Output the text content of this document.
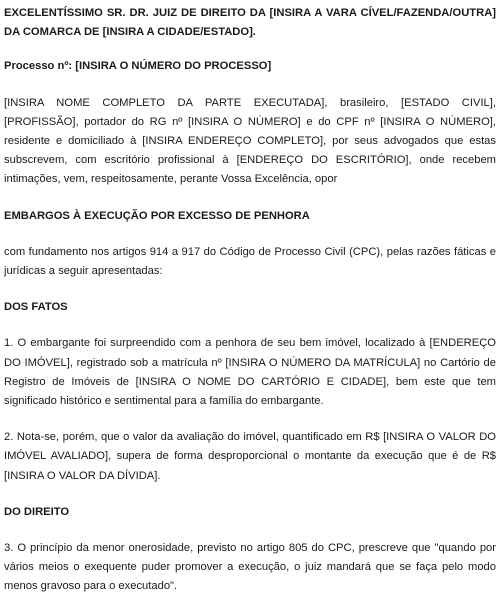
EXCELENTÍSSIMO SR. DR. JUIZ DE DIREITO DA [INSIRA A VARA CÍVEL/FAZENDA/OUTRA] DA COMARCA DE [INSIRA A CIDADE/ESTADO].

Processo nº: [INSIRA O NÚMERO DO PROCESSO]

[INSIRA NOME COMPLETO DA PARTE EXECUTADA], brasileiro, [ESTADO CIVIL], [PROFISSÃO], portador do RG nº [INSIRA O NÚMERO] e do CPF nº [INSIRA O NÚMERO], residente e domiciliado à [INSIRA ENDEREÇO COMPLETO], por seus advogados que estas subscrevem, com escritório profissional à [ENDEREÇO DO ESCRITÓRIO], onde recebem intimações, vem, respeitosamente, perante Vossa Excelência, opor

EMBARGOS À EXECUÇÃO POR EXCESSO DE PENHORA

com fundamento nos artigos 914 a 917 do Código de Processo Civil (CPC), pelas razões fáticas e jurídicas a seguir apresentadas:

DOS FATOS

1. O embargante foi surpreendido com a penhora de seu bem imóvel, localizado à [ENDEREÇO DO IMÓVEL], registrado sob a matrícula nº [INSIRA O NÚMERO DA MATRÍCULA] no Cartório de Registro de Imóveis de [INSIRA O NOME DO CARTÓRIO E CIDADE], bem este que tem significado histórico e sentimental para a família do embargante.

2. Nota-se, porém, que o valor da avaliação do imóvel, quantificado em R$ [INSIRA O VALOR DO IMÓVEL AVALIADO], supera de forma desproporcional o montante da execução que é de R$ [INSIRA O VALOR DA DÍVIDA].

DO DIREITO

3. O princípio da menor onerosidade, previsto no artigo 805 do CPC, prescreve que "quando por vários meios o exequente puder promover a execução, o juiz mandará que se faça pelo modo menos gravoso para o executado".
